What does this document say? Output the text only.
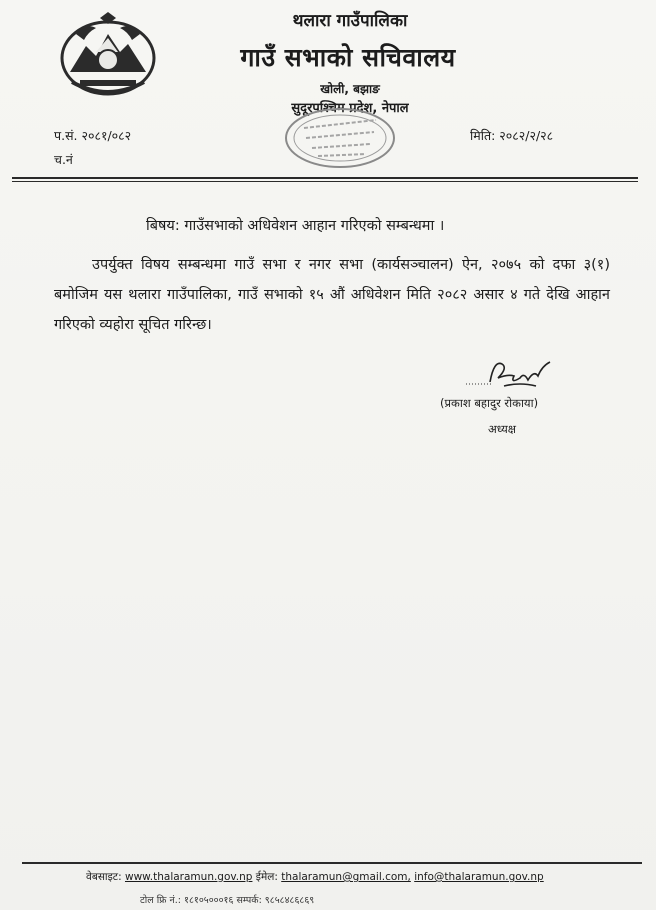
थलारा गाउँपालिका
गाउँ सभाको सचिवालय
खोली, बझाङ
सुदूरपश्चिम प्रदेश, नेपाल
प.सं. २०८१/०८२
च.नं
मिति: २०८२/२/२८
बिषय: गाउँसभाको अधिवेशन आहान गरिएको सम्बन्धमा ।

उपर्युक्त विषय सम्बन्धमा गाउँ सभा र नगर सभा (कार्यसञ्चालन) ऐन, २०७५ को दफा ३(१) बमोजिम यस थलारा गाउँपालिका, गाउँ सभाको १५ औं अधिवेशन मिति २०८२ असार ४ गते देखि आहान गरिएको व्यहोरा सूचित गरिन्छ।

(प्रकाश बहादुर रोकाया)
अध्यक्ष
वेबसाइट: www.thalaramun.gov.np ईमेल: thalaramun@gmail.com, info@thalaramun.gov.np
टोल फ्रि नं.: १८१०५०००१६ सम्पर्क: ९८५८४८६८६९
